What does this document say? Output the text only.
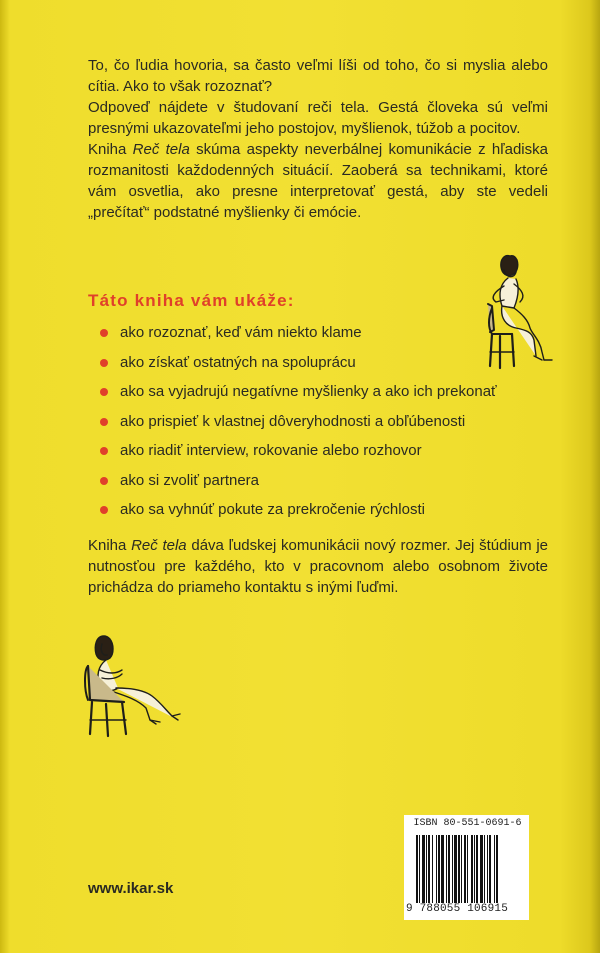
To, čo ľudia hovoria, sa často veľmi líši od toho, čo si myslia alebo cítia. Ako to však rozoznať?

Odpoveď nájdete v študovaní reči tela. Gestá človeka sú veľmi presnými ukazovateľmi jeho postojov, myšlienok, túžob a pocitov.

Kniha Reč tela skúma aspekty neverbálnej komunikácie z hľadiska rozmanitosti každodenných situácií. Zaoberá sa technikami, ktoré vám osvetlia, ako presne interpretovať gestá, aby ste vedeli „prečítať“ podstatné myšlienky či emócie.

Táto kniha vám ukáže:
ako rozoznať, keď vám niekto klame
ako získať ostatných na spoluprácu
ako sa vyjadrujú negatívne myšlienky a ako ich prekonať
ako prispieť k vlastnej dôveryhodnosti a obľúbenosti
ako riadiť interview, rokovanie alebo rozhovor
ako si zvoliť partnera
ako sa vyhnúť pokute za prekročenie rýchlosti
Kniha Reč tela dáva ľudskej komunikácii nový rozmer. Jej štúdium je nutnosťou pre každého, kto v pracovnom alebo osobnom živote prichádza do priameho kontaktu s inými ľuďmi.
www.ikar.sk
ISBN 80-551-0691-6
9 788055 106915
